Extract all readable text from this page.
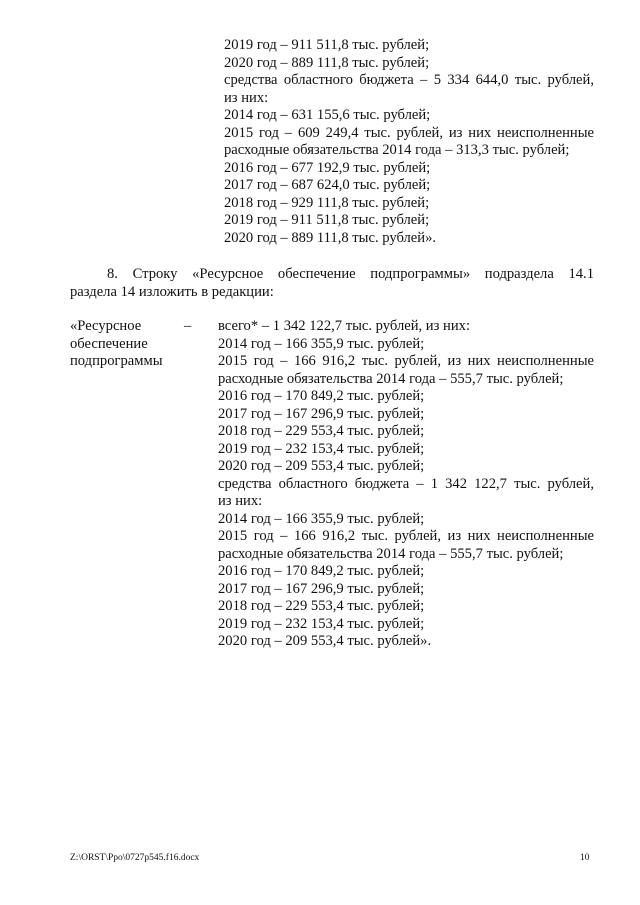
2019 год – 911 511,8 тыс. рублей;
2020 год – 889 111,8 тыс. рублей;
средства областного бюджета – 5 334 644,0 тыс. рублей,
из них:
2014 год – 631 155,6 тыс. рублей;
2015 год – 609 249,4 тыс. рублей, из них неисполненные
расходные обязательства 2014 года – 313,3 тыс. рублей;
2016 год – 677 192,9 тыс. рублей;
2017 год – 687 624,0 тыс. рублей;
2018 год – 929 111,8 тыс. рублей;
2019 год – 911 511,8 тыс. рублей;
2020 год – 889 111,8 тыс. рублей».
8. Строку «Ресурсное обеспечение подпрограммы» подраздела 14.1
раздела 14 изложить в редакции:
«Ресурсное
обеспечение
подпрограммы
– всего* – 1 342 122,7 тыс. рублей, из них:
2014 год – 166 355,9 тыс. рублей;
2015 год – 166 916,2 тыс. рублей, из них неисполненные
расходные обязательства 2014 года – 555,7 тыс. рублей;
2016 год – 170 849,2 тыс. рублей;
2017 год – 167 296,9 тыс. рублей;
2018 год – 229 553,4 тыс. рублей;
2019 год – 232 153,4 тыс. рублей;
2020 год – 209 553,4 тыс. рублей;
средства областного бюджета – 1 342 122,7 тыс. рублей,
из них:
2014 год – 166 355,9 тыс. рублей;
2015 год – 166 916,2 тыс. рублей, из них неисполненные
расходные обязательства 2014 года – 555,7 тыс. рублей;
2016 год – 170 849,2 тыс. рублей;
2017 год – 167 296,9 тыс. рублей;
2018 год – 229 553,4 тыс. рублей;
2019 год – 232 153,4 тыс. рублей;
2020 год – 209 553,4 тыс. рублей».
Z:\ORST\Ppo\0727p545.f16.docx	10
